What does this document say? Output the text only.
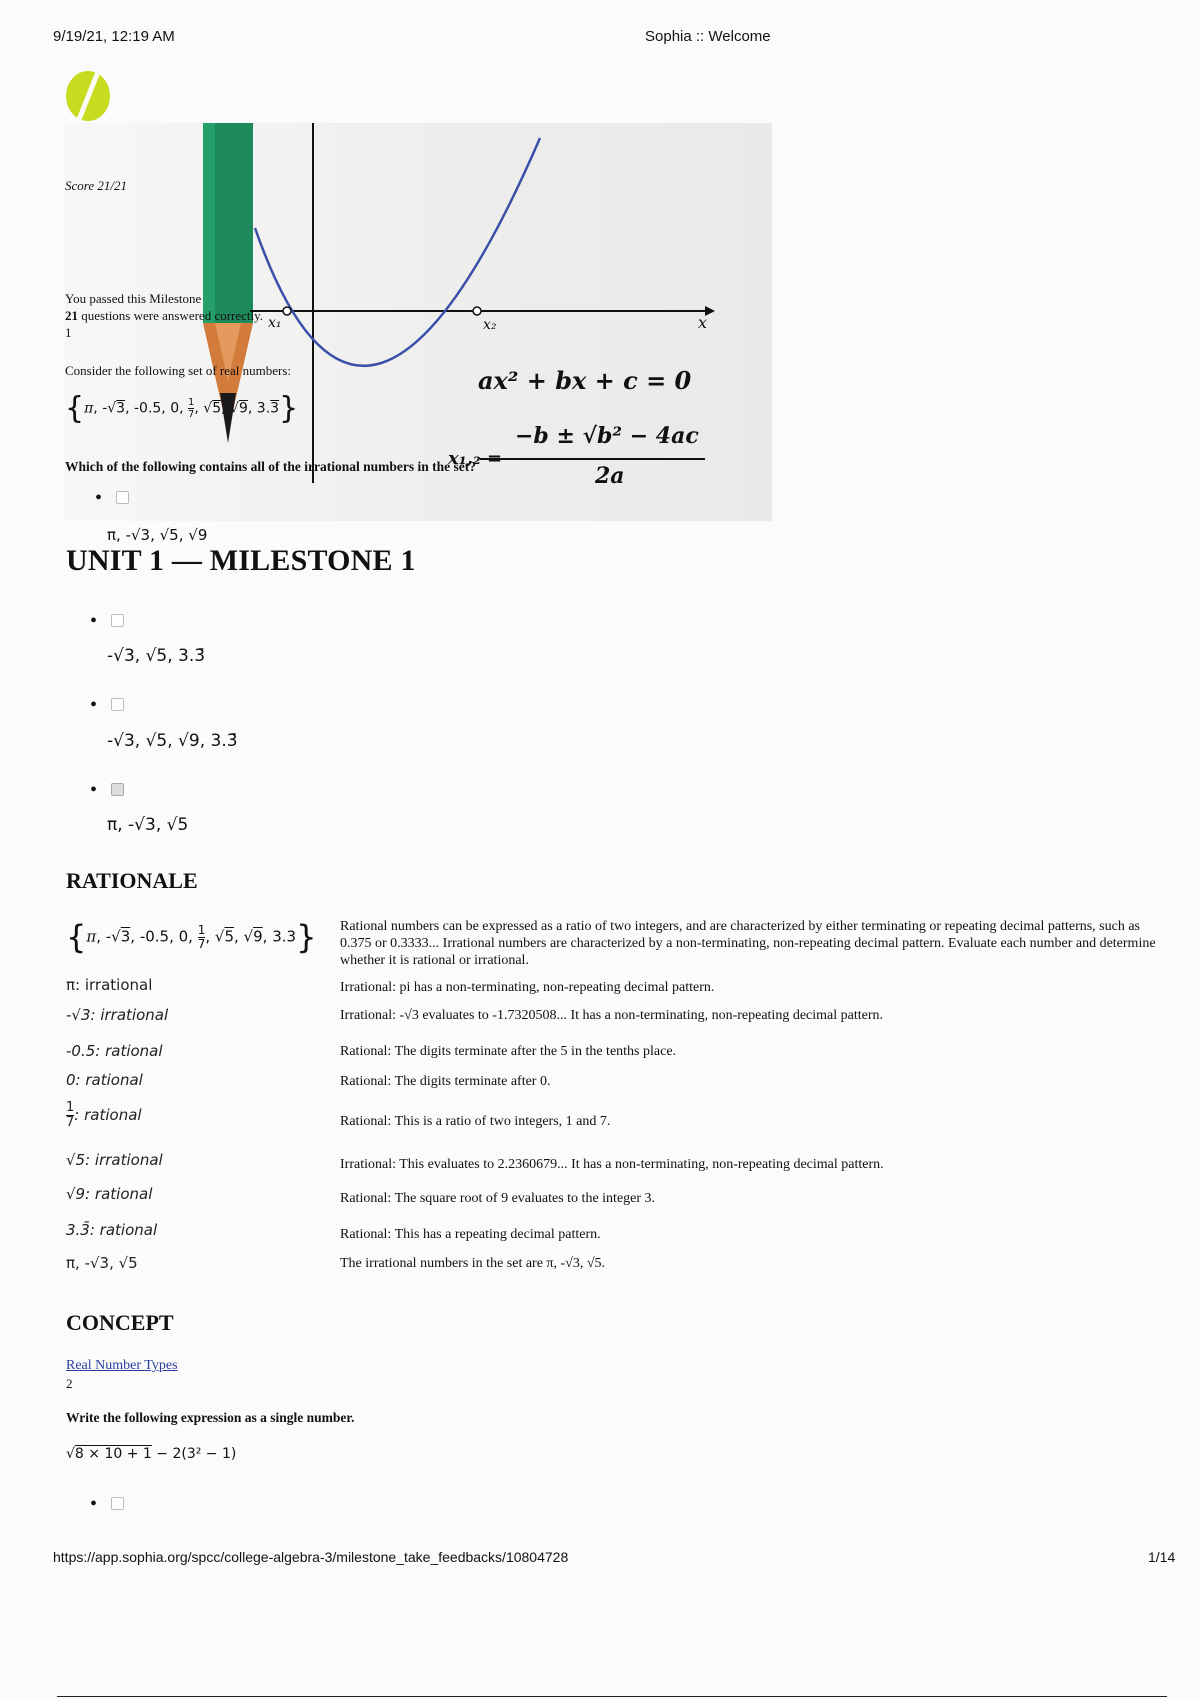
9/19/21, 12:19 AM	Sophia :: Welcome
Score 21/21
You passed this Milestone
21 questions were answered correctly.
1
Consider the following set of real numbers:
{π, -√3, -0.5, 0, $\frac{1}{7}$ , √5, √9, 3.3}
Which of the following contains all of the irrational numbers in the set?
•
ax² + bx + c = 0
x
x₁	x₂
−b ± √b² − 4ac
2a
x₁,₂ =
π, -√3, √5, √9
UNIT 1 — MILESTONE 1
•
-√3, √5, 3.3̄
•
-√3, √5, √9, 3.3̄
•
π, -√3, √5
RATIONALE
{π, -√3, -0.5, 0, $\frac{1}{7}$ , √5, √9, 3.3} Rational numbers can be expressed as a ratio of two integers, and are characterized by either terminating or repeating decimal patterns, such as 0.375 or 0.3333... Irrational numbers are characterized by a non-terminating, non-repeating decimal pattern. Evaluate each number and determine whether it is rational or irrational.
π: irrational	Irrational: pi has a non-terminating, non-repeating decimal pattern.
-√3: irrational	Irrational: -√3 evaluates to -1.7320508... It has a non-terminating, non-repeating decimal pattern.
-0.5: rational	Rational: The digits terminate after the 5 in the tenths place.
0: rational	Rational: The digits terminate after 0.
$\frac{1}{7}$ : rational	Rational: This is a ratio of two integers, 1 and 7.
√5: irrational	Irrational: This evaluates to 2.2360679... It has a non-terminating, non-repeating decimal pattern.
√9: rational	Rational: The square root of 9 evaluates to the integer 3.
3.3̄: rational	Rational: This has a repeating decimal pattern.
π, -√3, √5	The irrational numbers in the set are π, -√3, √5.
CONCEPT
Real Number Types
2
Write the following expression as a single number.
√8 × 10 + 1 − 2(3² − 1)
•
https://app.sophia.org/spcc/college-algebra-3/milestone_take_feedbacks/10804728	1/14
